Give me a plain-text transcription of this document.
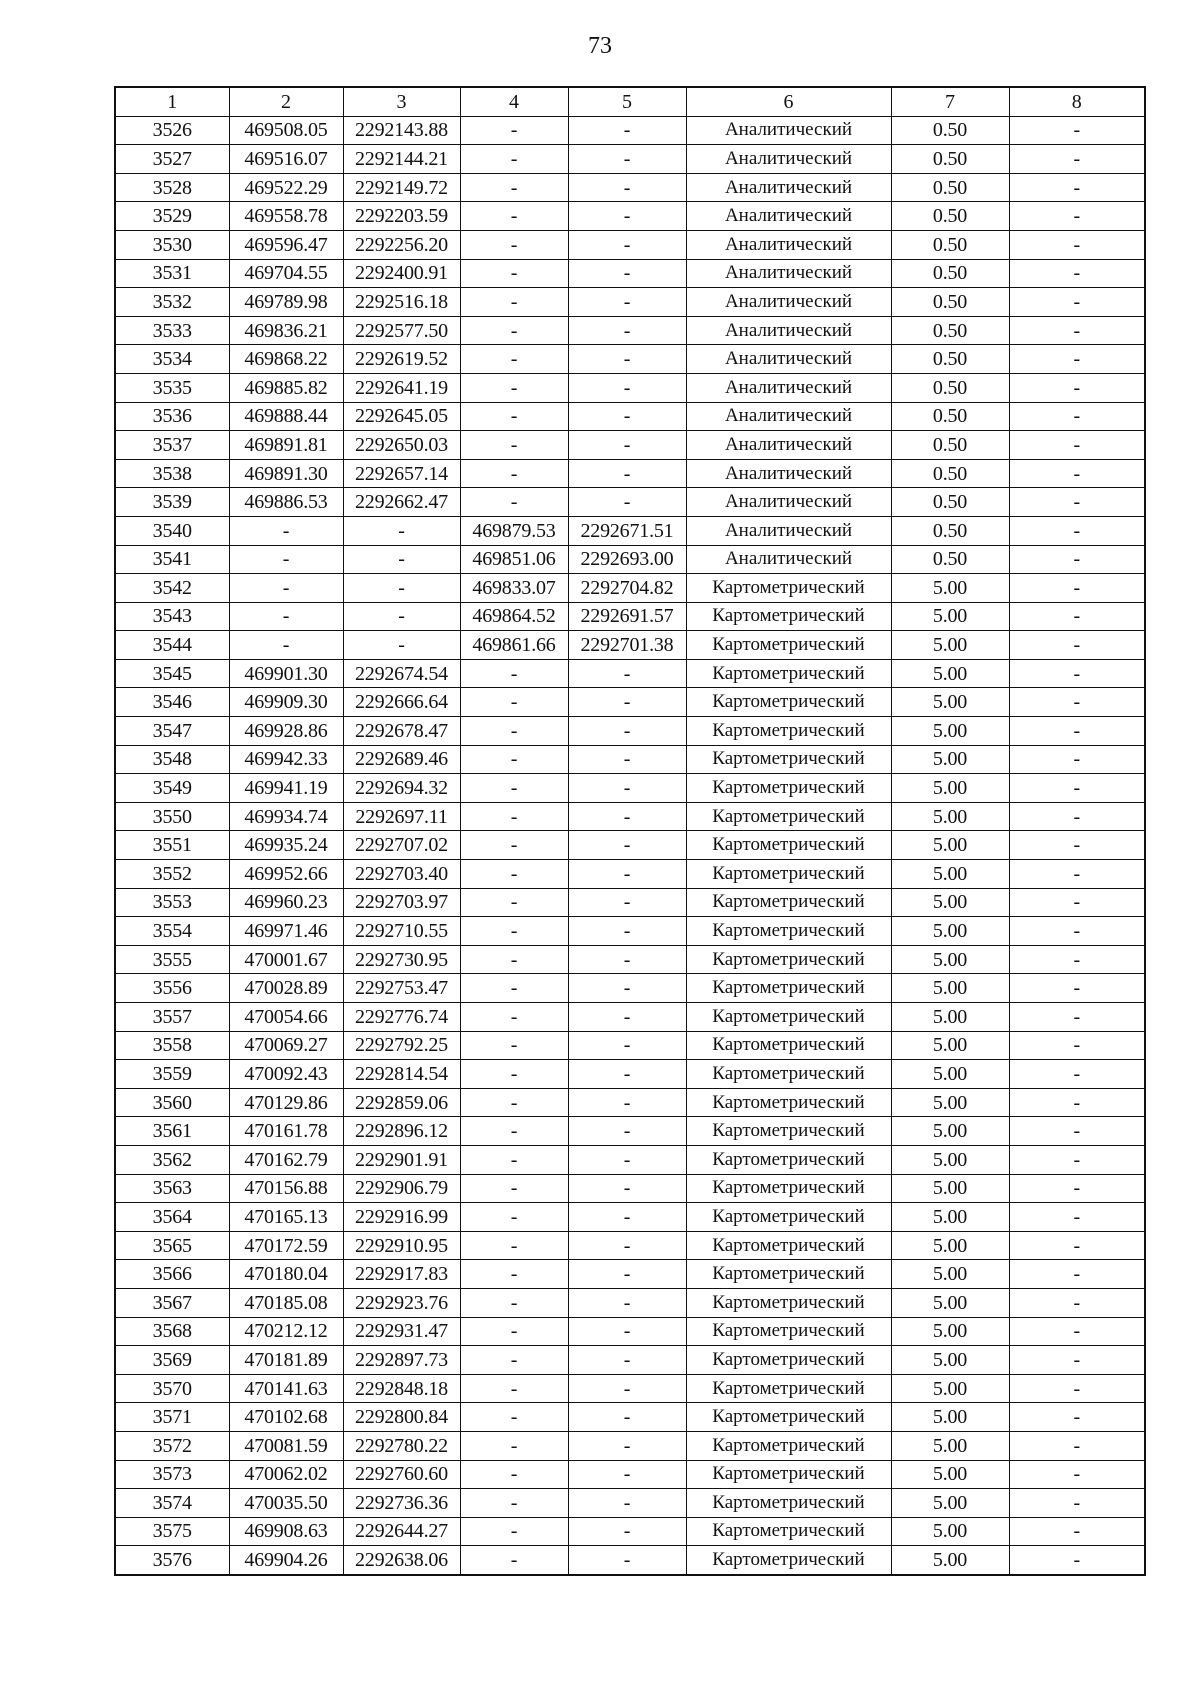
73
1	2	3	4	5	6	7	8
3526	469508.05	2292143.88	-	-	Аналитический	0.50	-
3527	469516.07	2292144.21	-	-	Аналитический	0.50	-
3528	469522.29	2292149.72	-	-	Аналитический	0.50	-
3529	469558.78	2292203.59	-	-	Аналитический	0.50	-
3530	469596.47	2292256.20	-	-	Аналитический	0.50	-
3531	469704.55	2292400.91	-	-	Аналитический	0.50	-
3532	469789.98	2292516.18	-	-	Аналитический	0.50	-
3533	469836.21	2292577.50	-	-	Аналитический	0.50	-
3534	469868.22	2292619.52	-	-	Аналитический	0.50	-
3535	469885.82	2292641.19	-	-	Аналитический	0.50	-
3536	469888.44	2292645.05	-	-	Аналитический	0.50	-
3537	469891.81	2292650.03	-	-	Аналитический	0.50	-
3538	469891.30	2292657.14	-	-	Аналитический	0.50	-
3539	469886.53	2292662.47	-	-	Аналитический	0.50	-
3540	-	-	469879.53	2292671.51	Аналитический	0.50	-
3541	-	-	469851.06	2292693.00	Аналитический	0.50	-
3542	-	-	469833.07	2292704.82	Картометрический	5.00	-
3543	-	-	469864.52	2292691.57	Картометрический	5.00	-
3544	-	-	469861.66	2292701.38	Картометрический	5.00	-
3545	469901.30	2292674.54	-	-	Картометрический	5.00	-
3546	469909.30	2292666.64	-	-	Картометрический	5.00	-
3547	469928.86	2292678.47	-	-	Картометрический	5.00	-
3548	469942.33	2292689.46	-	-	Картометрический	5.00	-
3549	469941.19	2292694.32	-	-	Картометрический	5.00	-
3550	469934.74	2292697.11	-	-	Картометрический	5.00	-
3551	469935.24	2292707.02	-	-	Картометрический	5.00	-
3552	469952.66	2292703.40	-	-	Картометрический	5.00	-
3553	469960.23	2292703.97	-	-	Картометрический	5.00	-
3554	469971.46	2292710.55	-	-	Картометрический	5.00	-
3555	470001.67	2292730.95	-	-	Картометрический	5.00	-
3556	470028.89	2292753.47	-	-	Картометрический	5.00	-
3557	470054.66	2292776.74	-	-	Картометрический	5.00	-
3558	470069.27	2292792.25	-	-	Картометрический	5.00	-
3559	470092.43	2292814.54	-	-	Картометрический	5.00	-
3560	470129.86	2292859.06	-	-	Картометрический	5.00	-
3561	470161.78	2292896.12	-	-	Картометрический	5.00	-
3562	470162.79	2292901.91	-	-	Картометрический	5.00	-
3563	470156.88	2292906.79	-	-	Картометрический	5.00	-
3564	470165.13	2292916.99	-	-	Картометрический	5.00	-
3565	470172.59	2292910.95	-	-	Картометрический	5.00	-
3566	470180.04	2292917.83	-	-	Картометрический	5.00	-
3567	470185.08	2292923.76	-	-	Картометрический	5.00	-
3568	470212.12	2292931.47	-	-	Картометрический	5.00	-
3569	470181.89	2292897.73	-	-	Картометрический	5.00	-
3570	470141.63	2292848.18	-	-	Картометрический	5.00	-
3571	470102.68	2292800.84	-	-	Картометрический	5.00	-
3572	470081.59	2292780.22	-	-	Картометрический	5.00	-
3573	470062.02	2292760.60	-	-	Картометрический	5.00	-
3574	470035.50	2292736.36	-	-	Картометрический	5.00	-
3575	469908.63	2292644.27	-	-	Картометрический	5.00	-
3576	469904.26	2292638.06	-	-	Картометрический	5.00	-
